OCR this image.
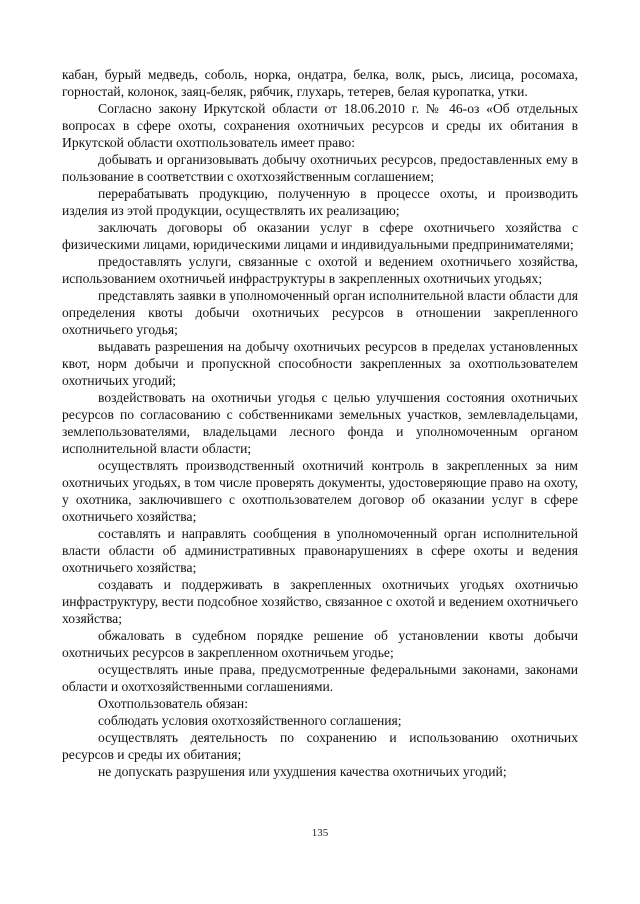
кабан, бурый медведь, соболь, норка, ондатра, белка, волк, рысь, лисица, росомаха, горностай, колонок, заяц-беляк, рябчик, глухарь, тетерев, белая куропатка, утки.

Согласно закону Иркутской области от 18.06.2010 г. № 46-оз «Об отдельных вопросах в сфере охоты, сохранения охотничьих ресурсов и среды их обитания в Иркутской области охотпользователь имеет право:

добывать и организовывать добычу охотничьих ресурсов, предоставленных ему в пользование в соответствии с охотхозяйственным соглашением;

перерабатывать продукцию, полученную в процессе охоты, и производить изделия из этой продукции, осуществлять их реализацию;

заключать договоры об оказании услуг в сфере охотничьего хозяйства с физическими лицами, юридическими лицами и индивидуальными предпринимателями;

предоставлять услуги, связанные с охотой и ведением охотничьего хозяйства, использованием охотничьей инфраструктуры в закрепленных охотничьих угодьях;

представлять заявки в уполномоченный орган исполнительной власти области для определения квоты добычи охотничьих ресурсов в отношении закрепленного охотничьего угодья;

выдавать разрешения на добычу охотничьих ресурсов в пределах установленных квот, норм добычи и пропускной способности закрепленных за охотпользователем охотничьих угодий;

воздействовать на охотничьи угодья с целью улучшения состояния охотничьих ресурсов по согласованию с собственниками земельных участков, землевладельцами, землепользователями, владельцами лесного фонда и уполномоченным органом исполнительной власти области;

осуществлять производственный охотничий контроль в закрепленных за ним охотничьих угодьях, в том числе проверять документы, удостоверяющие право на охоту, у охотника, заключившего с охотпользователем договор об оказании услуг в сфере охотничьего хозяйства;

составлять и направлять сообщения в уполномоченный орган исполнительной власти области об административных правонарушениях в сфере охоты и ведения охотничьего хозяйства;

создавать и поддерживать в закрепленных охотничьих угодьях охотничью инфраструктуру, вести подсобное хозяйство, связанное с охотой и ведением охотничьего хозяйства;

обжаловать в судебном порядке решение об установлении квоты добычи охотничьих ресурсов в закрепленном охотничьем угодье;

осуществлять иные права, предусмотренные федеральными законами, законами области и охотхозяйственными соглашениями.

Охотпользователь обязан:

соблюдать условия охотхозяйственного соглашения;

осуществлять деятельность по сохранению и использованию охотничьих ресурсов и среды их обитания;

не допускать разрушения или ухудшения качества охотничьих угодий;

135
